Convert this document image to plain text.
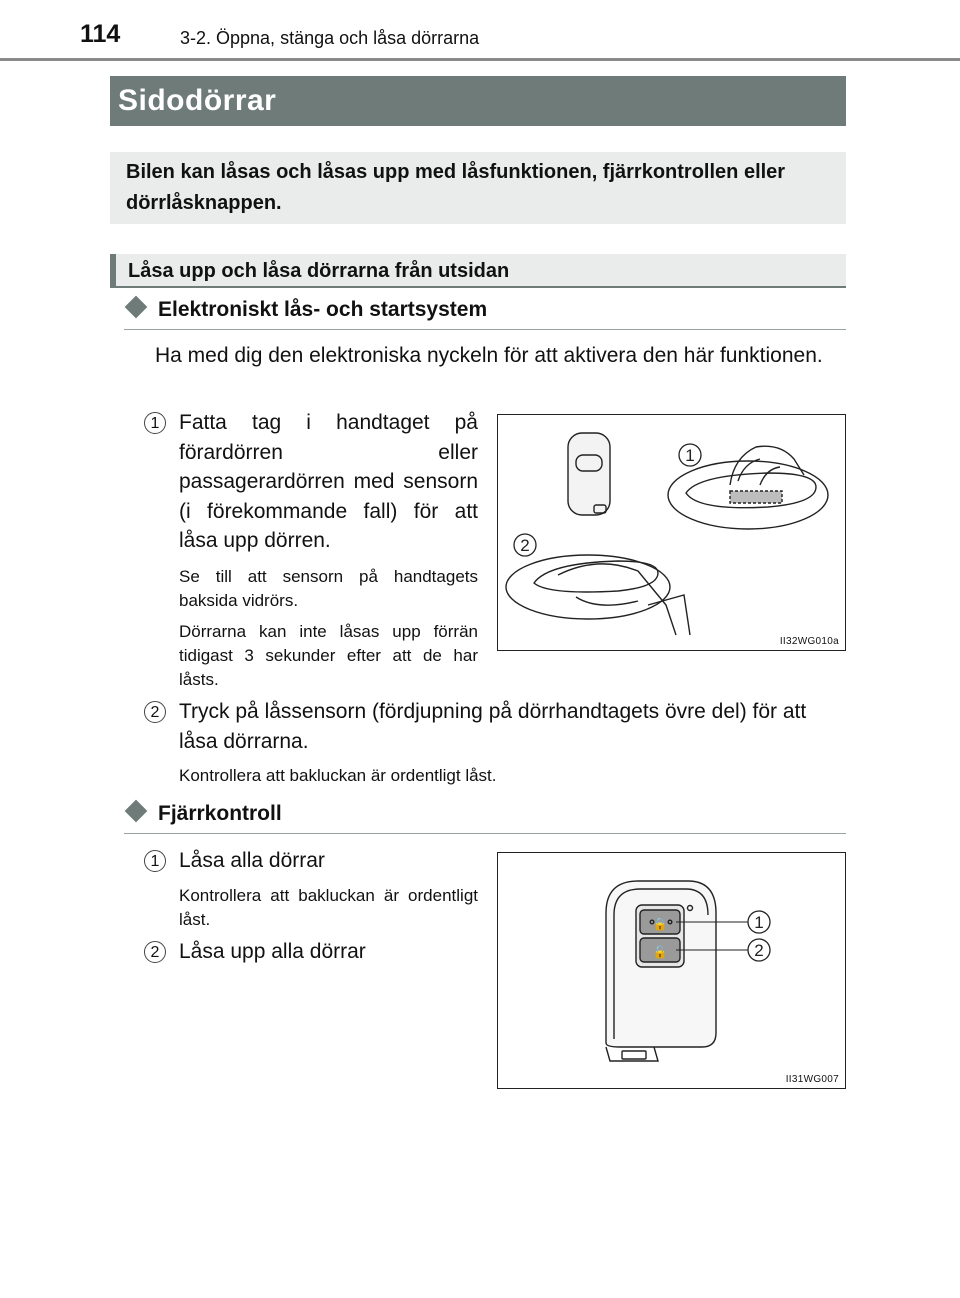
114	3-2. Öppna, stänga och låsa dörrarna
Sidodörrar
Bilen kan låsas och låsas upp med låsfunktionen, fjärrkontrollen eller dörrlåsknappen.
Låsa upp och låsa dörrarna från utsidan
Elektroniskt lås- och startsystem
Ha med dig den elektroniska nyckeln för att aktivera den här funktionen.
1 Fatta tag i handtaget på förardörren eller passagerardörren med sensorn (i förekommande fall) för att låsa upp dörren.
Se till att sensorn på handtagets baksida vidrörs.
Dörrarna kan inte låsas upp förrän tidigast 3 sekunder efter att de har låsts.
1
2
II32WG010a
2 Tryck på låssensorn (fördjupning på dörrhandtagets övre del) för att låsa dörrarna.
Kontrollera att bakluckan är ordentligt låst.
Fjärrkontroll
1 Låsa alla dörrar
Kontrollera att bakluckan är ordentligt låst.
2 Låsa upp alla dörrar
🔒
🔓
1
2
II31WG007
